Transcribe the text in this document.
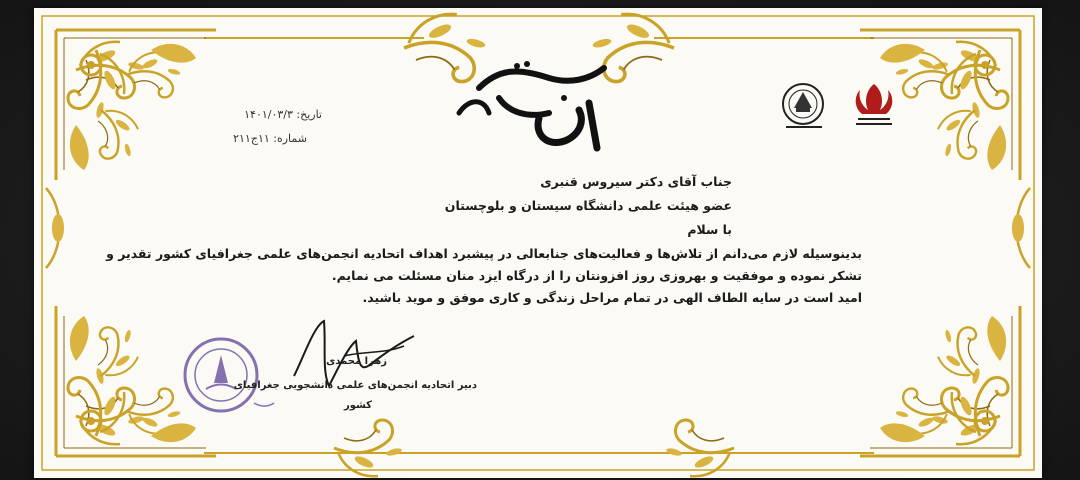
تاریخ: ۱۴۰۱/۰۳/۳
شماره: ۱۱ج۲۱۱
جناب آقای دکتر سیروس قنبری
عضو هیئت علمی دانشگاه سیستان و بلوچستان
با سلام
بدینوسیله لازم می‌دانم از تلاش‌ها و فعالیت‌های جنابعالی در پیشبرد اهداف اتحادیه انجمن‌های علمی جغرافیای کشور تقدیر و
تشکر نموده و موفقیت و بهروزی روز افزونتان را از درگاه ایزد منان مسئلت می نمایم.
امید است در سایه الطاف الهی در تمام مراحل زندگی و کاری موفق و موید باشید.
زهرا محمدی
دبیر اتحادیه انجمن‌های علمی دانشجویی جغرافیای
کشور
